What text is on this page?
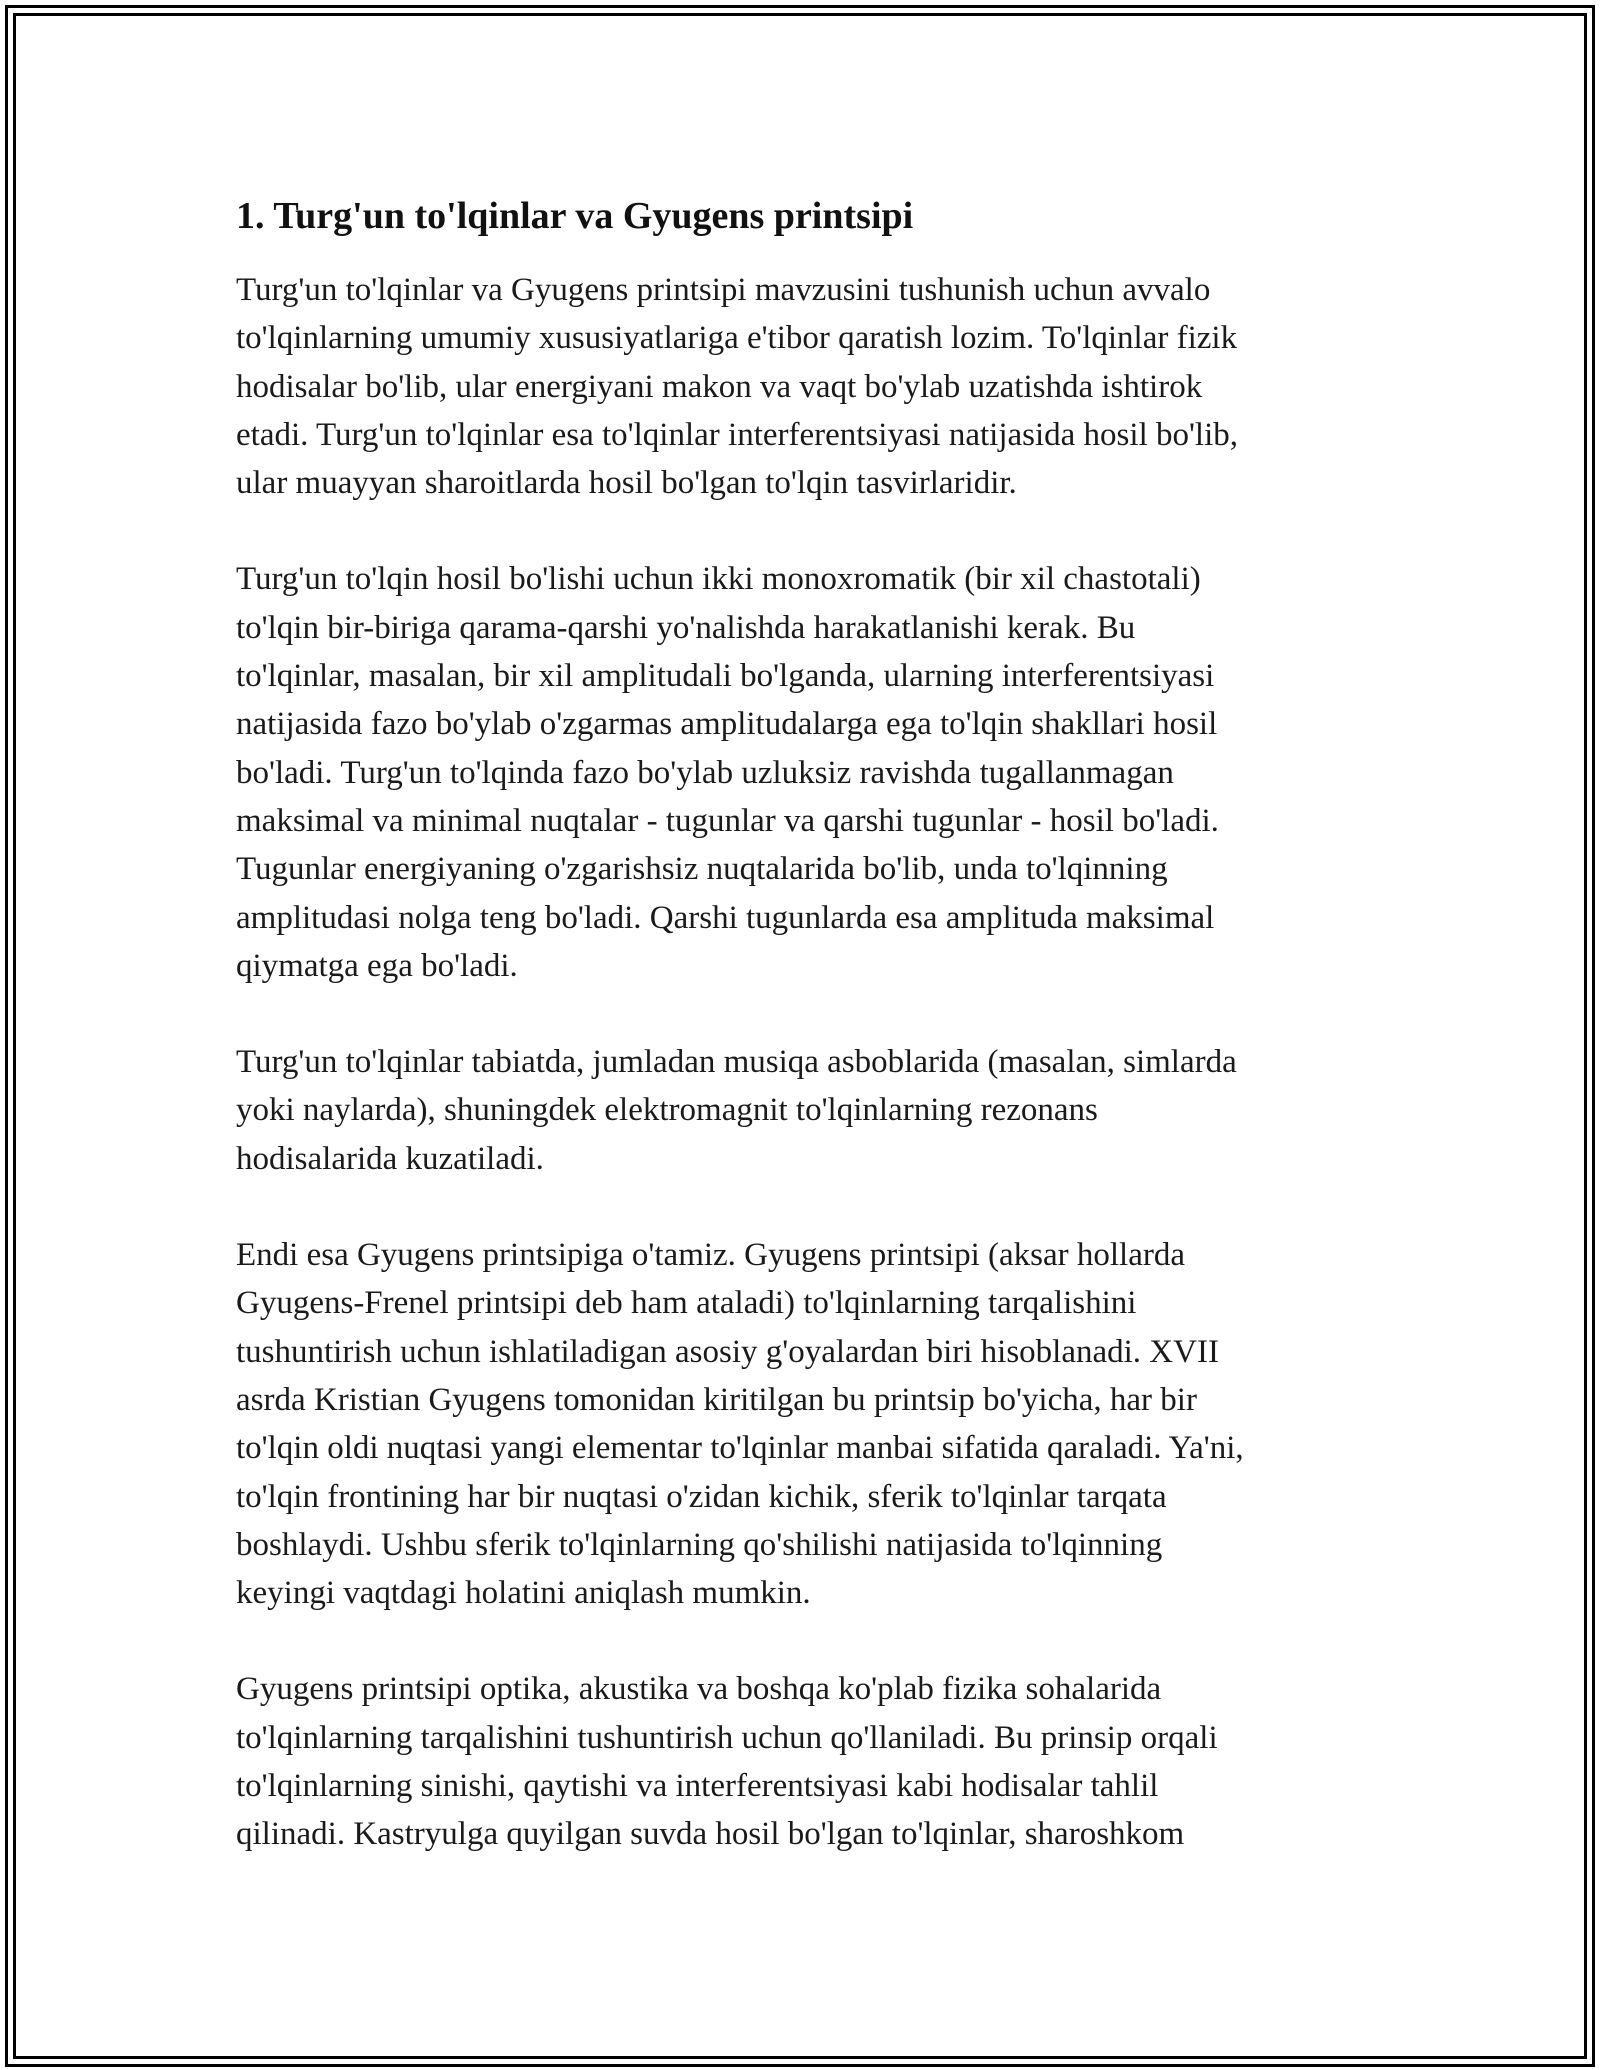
1. Turg'un to'lqinlar va Gyugens printsipi

Turg'un to'lqinlar va Gyugens printsipi mavzusini tushunish uchun avvalo
to'lqinlarning umumiy xususiyatlariga e'tibor qaratish lozim. To'lqinlar fizik
hodisalar bo'lib, ular energiyani makon va vaqt bo'ylab uzatishda ishtirok
etadi. Turg'un to'lqinlar esa to'lqinlar interferentsiyasi natijasida hosil bo'lib,
ular muayyan sharoitlarda hosil bo'lgan to'lqin tasvirlaridir.

Turg'un to'lqin hosil bo'lishi uchun ikki monoxromatik (bir xil chastotali)
to'lqin bir-biriga qarama-qarshi yo'nalishda harakatlanishi kerak. Bu
to'lqinlar, masalan, bir xil amplitudali bo'lganda, ularning interferentsiyasi
natijasida fazo bo'ylab o'zgarmas amplitudalarga ega to'lqin shakllari hosil
bo'ladi. Turg'un to'lqinda fazo bo'ylab uzluksiz ravishda tugallanmagan
maksimal va minimal nuqtalar - tugunlar va qarshi tugunlar - hosil bo'ladi.
Tugunlar energiyaning o'zgarishsiz nuqtalarida bo'lib, unda to'lqinning
amplitudasi nolga teng bo'ladi. Qarshi tugunlarda esa amplituda maksimal
qiymatga ega bo'ladi.

Turg'un to'lqinlar tabiatda, jumladan musiqa asboblarida (masalan, simlarda
yoki naylarda), shuningdek elektromagnit to'lqinlarning rezonans
hodisalarida kuzatiladi.

Endi esa Gyugens printsipiga o'tamiz. Gyugens printsipi (aksar hollarda
Gyugens-Frenel printsipi deb ham ataladi) to'lqinlarning tarqalishini
tushuntirish uchun ishlatiladigan asosiy g'oyalardan biri hisoblanadi. XVII
asrda Kristian Gyugens tomonidan kiritilgan bu printsip bo'yicha, har bir
to'lqin oldi nuqtasi yangi elementar to'lqinlar manbai sifatida qaraladi. Ya'ni,
to'lqin frontining har bir nuqtasi o'zidan kichik, sferik to'lqinlar tarqata
boshlaydi. Ushbu sferik to'lqinlarning qo'shilishi natijasida to'lqinning
keyingi vaqtdagi holatini aniqlash mumkin.

Gyugens printsipi optika, akustika va boshqa ko'plab fizika sohalarida
to'lqinlarning tarqalishini tushuntirish uchun qo'llaniladi. Bu prinsip orqali
to'lqinlarning sinishi, qaytishi va interferentsiyasi kabi hodisalar tahlil
qilinadi. Kastryulga quyilgan suvda hosil bo'lgan to'lqinlar, sharoshkom
